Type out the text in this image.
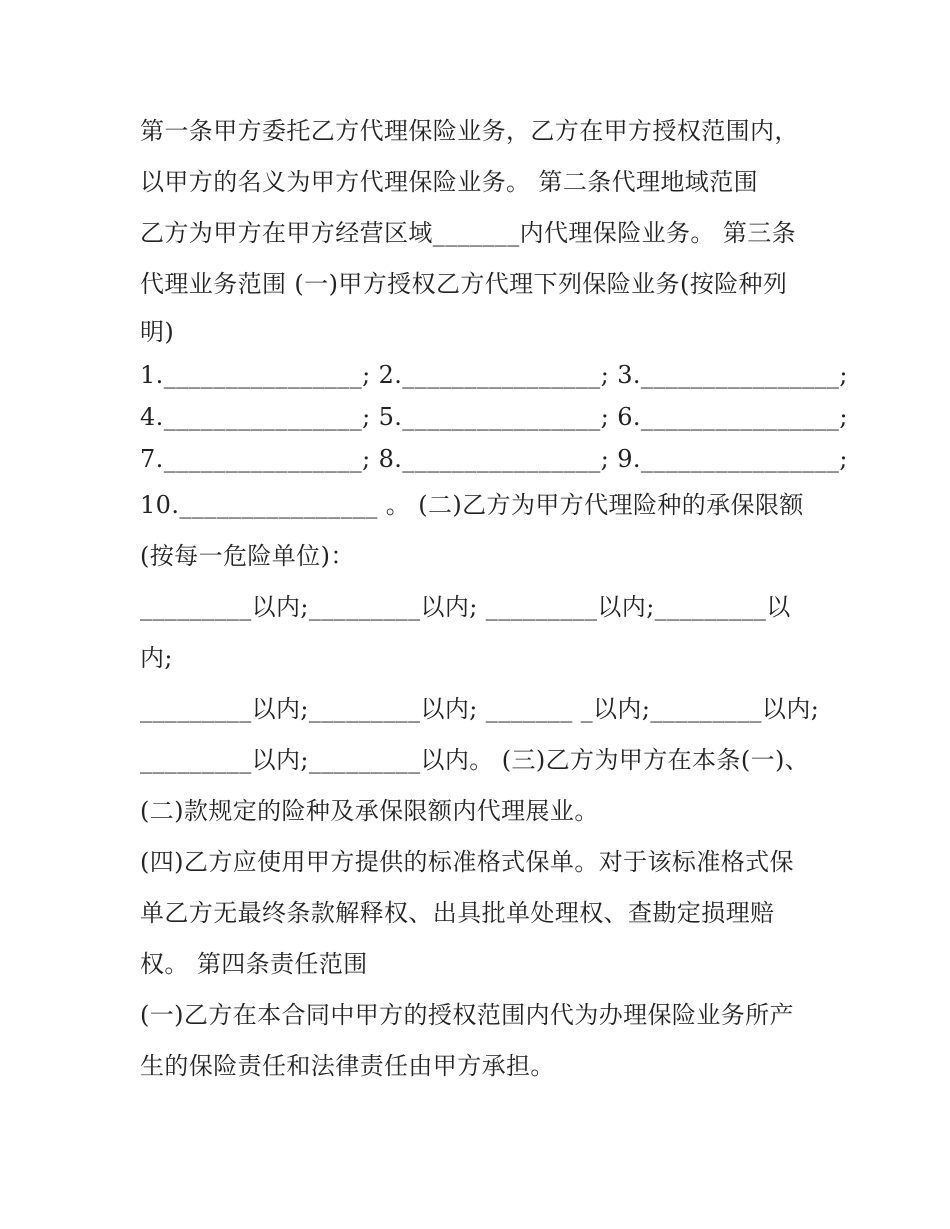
第一条甲方委托乙方代理保险业务，乙方在甲方授权范围内，
以甲方的名义为甲方代理保险业务。 第二条代理地域范围
乙方为甲方在甲方经营区域_______内代理保险业务。 第三条
代理业务范围 (一)甲方授权乙方代理下列保险业务(按险种列
明)
1.________________; 2.________________; 3.________________;
4.________________; 5.________________; 6.________________;
7.________________; 8.________________; 9.________________;
10.________________ 。 (二)乙方为甲方代理险种的承保限额
(按每一危险单位)：
_________以内;_________以内; _________以内;_________以
内;
_________以内;_________以内; _______ _以内;_________以内;
_________以内;_________以内。 (三)乙方为甲方在本条(一)、
(二)款规定的险种及承保限额内代理展业。
(四)乙方应使用甲方提供的标准格式保单。对于该标准格式保
单乙方无最终条款解释权、出具批单处理权、查勘定损理赔
权。 第四条责任范围
(一)乙方在本合同中甲方的授权范围内代为办理保险业务所产
生的保险责任和法律责任由甲方承担。
